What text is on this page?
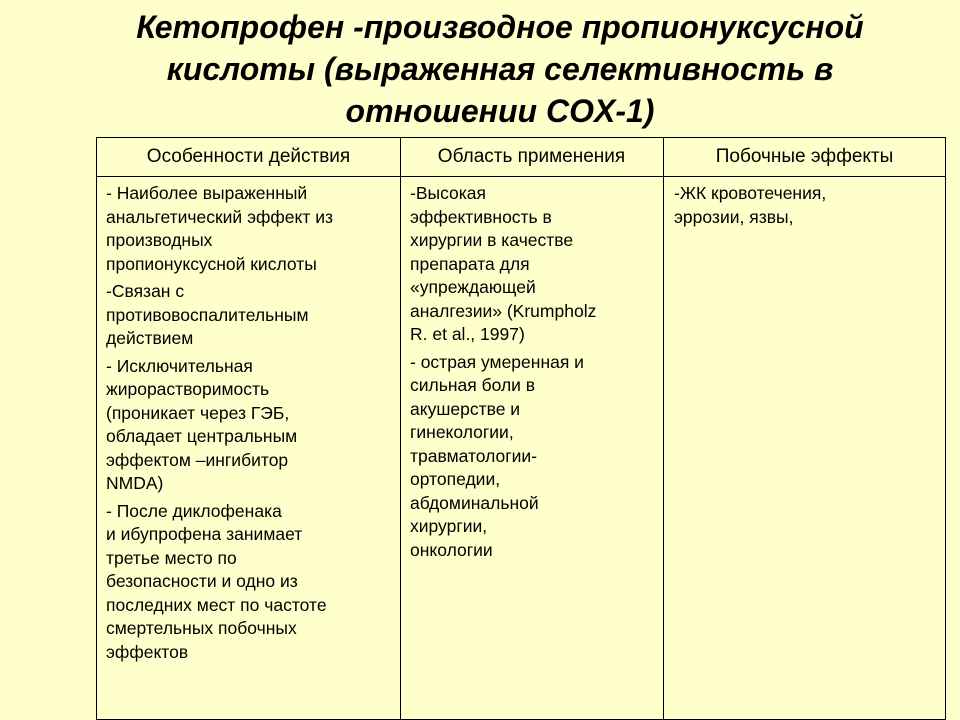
Кетопрофен -производное пропионуксусной
кислоты (выраженная селективность в
отношении COX-1)
Особенности действия	Область применения	Побочные эффекты
- Наиболее выраженный
анальгетический эффект из
производных
пропионуксусной кислоты
-Связан с
противовоспалительным
действием
- Исключительная
жирорастворимость
(проникает через ГЭБ,
обладает центральным
эффектом –ингибитор
NMDA)
- После диклофенака
и ибупрофена занимает
третье место по
безопасности и одно из
последних мест по частоте
смертельных побочных
эффектов
-Высокая
эффективность в
хирургии в качестве
препарата для
«упреждающей
аналгезии» (Krumpholz
R. et al., 1997)
- острая умеренная и
сильная боли в
акушерстве и
гинекологии,
травматологии-
ортопедии,
абдоминальной
хирургии,
онкологии
-ЖК кровотечения,
эррозии, язвы,
